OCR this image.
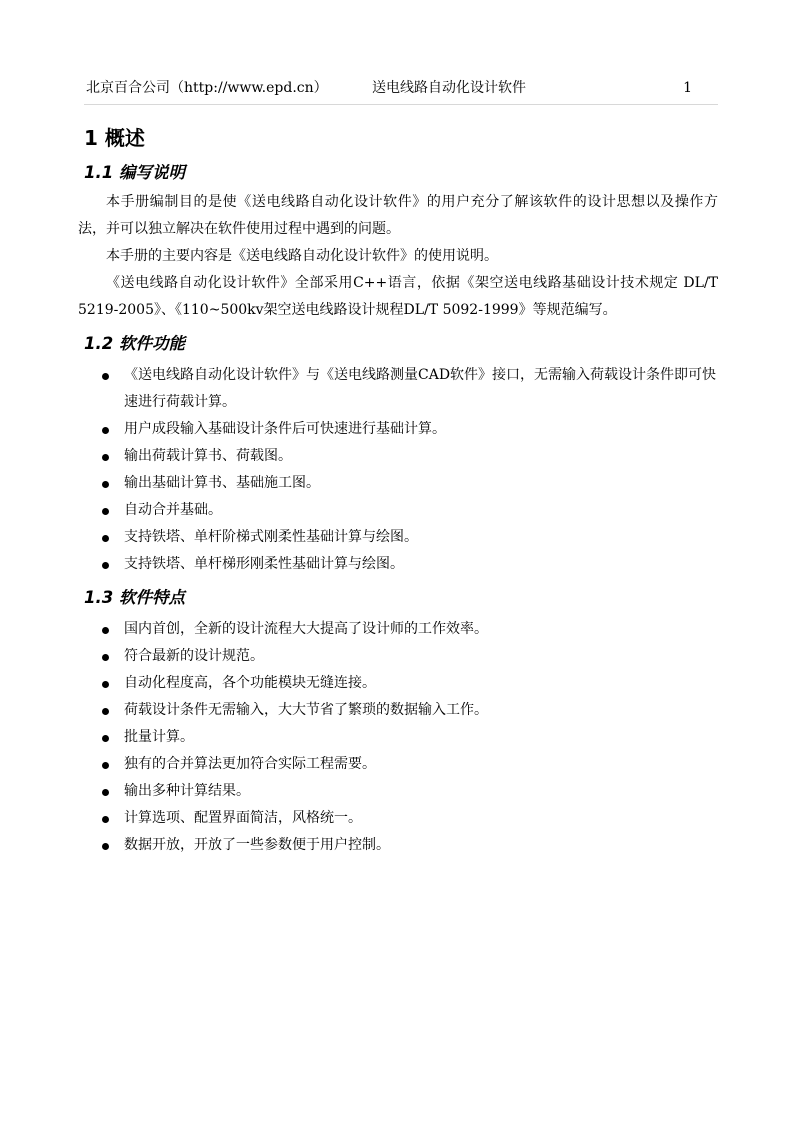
北京百合公司（http://www.epd.cn）	送电线路自动化设计软件	1
1 概述
1.1 编写说明

本手册编制目的是使《送电线路自动化设计软件》的用户充分了解该软件的设计思想以及操作方法，并可以独立解决在软件使用过程中遇到的问题。

本手册的主要内容是《送电线路自动化设计软件》的使用说明。

《送电线路自动化设计软件》全部采用C++语言，依据《架空送电线路基础设计技术规定 DL/T 5219-2005》、《110~500kv架空送电线路设计规程DL/T 5092-1999》等规范编写。

1.2 软件功能
《送电线路自动化设计软件》与《送电线路测量CAD软件》接口，无需输入荷载设计条件即可快速进行荷载计算。
用户成段输入基础设计条件后可快速进行基础计算。
输出荷载计算书、荷载图。
输出基础计算书、基础施工图。
自动合并基础。
支持铁塔、单杆阶梯式刚柔性基础计算与绘图。
支持铁塔、单杆梯形刚柔性基础计算与绘图。
1.3 软件特点
国内首创，全新的设计流程大大提高了设计师的工作效率。
符合最新的设计规范。
自动化程度高，各个功能模块无缝连接。
荷载设计条件无需输入，大大节省了繁琐的数据输入工作。
批量计算。
独有的合并算法更加符合实际工程需要。
输出多种计算结果。
计算选项、配置界面简洁，风格统一。
数据开放，开放了一些参数便于用户控制。
